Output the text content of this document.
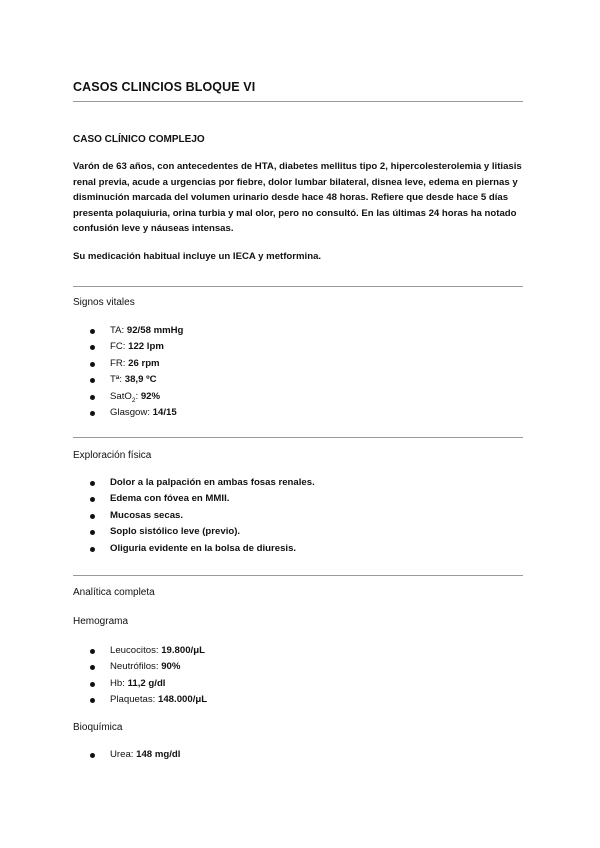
CASOS CLINCIOS BLOQUE VI
CASO CLÍNICO COMPLEJO
Varón de 63 años, con antecedentes de HTA, diabetes mellitus tipo 2, hipercolesterolemia y litiasis
renal previa, acude a urgencias por fiebre, dolor lumbar bilateral, disnea leve, edema en piernas y
disminución marcada del volumen urinario desde hace 48 horas. Refiere que desde hace 5 días
presenta polaquiuria, orina turbia y mal olor, pero no consultó. En las últimas 24 horas ha notado
confusión leve y náuseas intensas.
Su medicación habitual incluye un IECA y metformina.
Signos vitales
TA: 92/58 mmHg
FC: 122 lpm
FR: 26 rpm
Tª: 38,9 ºC
SatO$_2$: 92%
Glasgow: 14/15
Exploración física
Dolor a la palpación en ambas fosas renales.
Edema con fóvea en MMII.
Mucosas secas.
Soplo sistólico leve (previo).
Oliguria evidente en la bolsa de diuresis.
Analítica completa
Hemograma
Leucocitos: 19.800/μL
Neutrófilos: 90%
Hb: 11,2 g/dl
Plaquetas: 148.000/μL
Bioquímica
Urea: 148 mg/dl
